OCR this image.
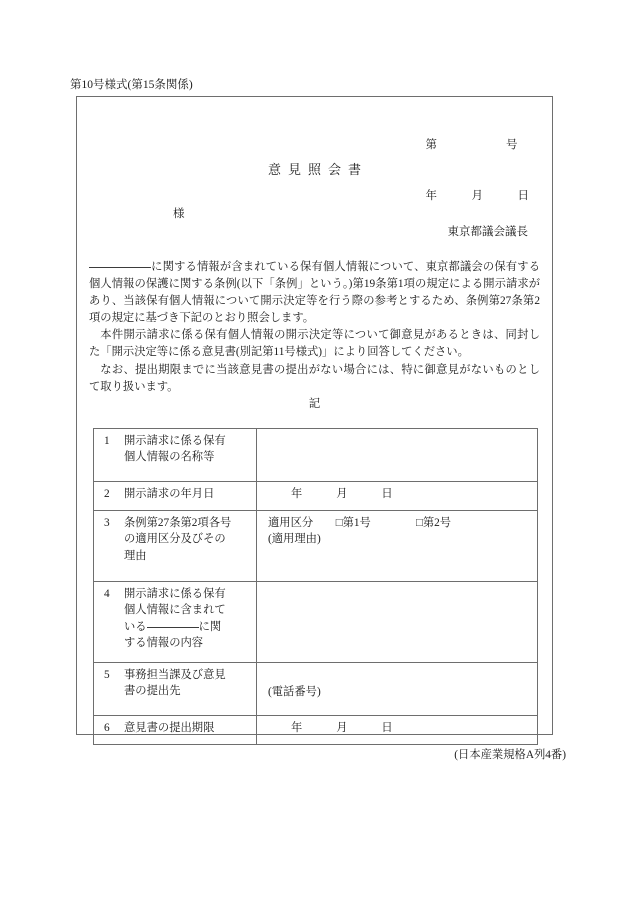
第10号様式(第15条関係)

第　　　　　　号

年　　　月　　　日

意見照会書
様
東京都議会議長

に関する情報が含まれている保有個人情報について、東京都議会の保有する個人情報の保護に関する条例(以下「条例」という。)第19条第1項の規定による開示請求があり、当該保有個人情報について開示決定等を行う際の参考とするため、条例第27条第2項の規定に基づき下記のとおり照会します。

本件開示請求に係る保有個人情報の開示決定等について御意見があるときは、同封した「開示決定等に係る意見書(別記第11号様式)」により回答してください。

なお、提出期限までに当該意見書の提出がない場合には、特に御意見がないものとして取り扱います。

記
1 開示請求に係る保有個人情報の名称等	
2 開示請求の年月日	年　　　月　　　日
3 条例第27条第2項各号の適用区分及びその理由	適用区分　　□第1号　　　　□第2号
(適用理由)

4 開示請求に係る保有個人情報に含まれている に関する情報の内容	
5 事務担当課及び意見書の提出先	(電話番号)

6 意見書の提出期限	年　　　月　　　日
(日本産業規格A列4番)
